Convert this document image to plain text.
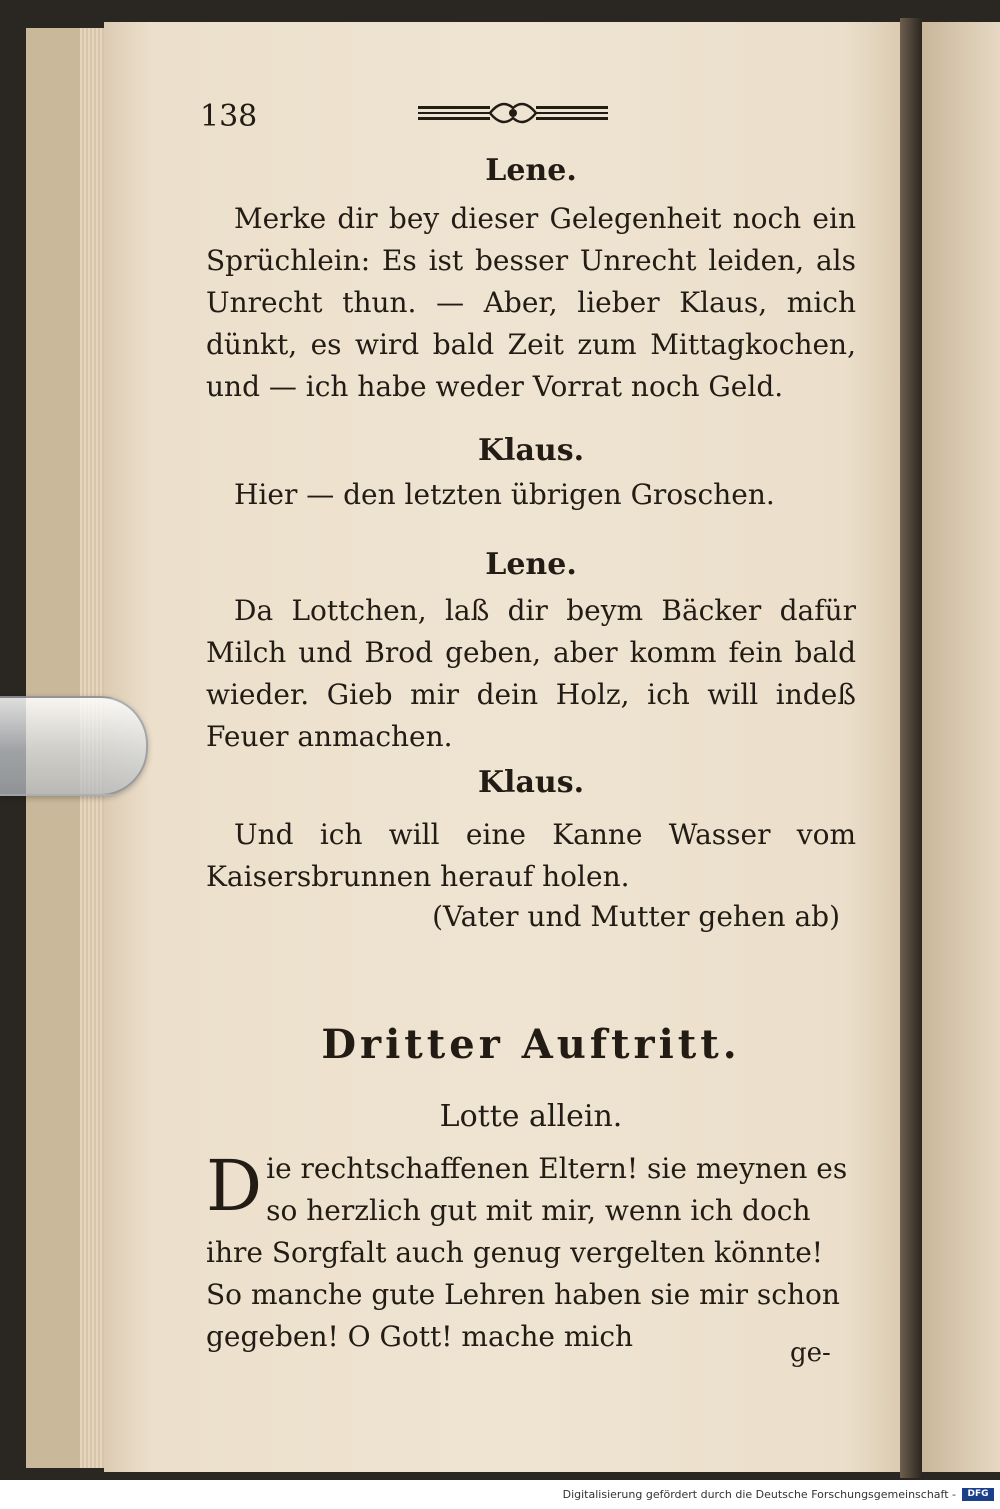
138
Lene.

Merke dir bey dieser Gelegenheit noch ein Sprüchlein: Es ist besser Unrecht leiden, als Unrecht thun. — Aber, lieber Klaus, mich dünkt, es wird bald Zeit zum Mittagkochen, und — ich habe weder Vorrat noch Geld.

Klaus.

Hier — den letzten übrigen Groschen.

Lene.

Da Lottchen, laß dir beym Bäcker dafür Milch und Brod geben, aber komm fein bald wieder. Gieb mir dein Holz, ich will indeß Feuer anmachen.

Klaus.

Und ich will eine Kanne Wasser vom Kaisersbrunnen herauf holen.

(Vater und Mutter gehen ab)
Dritter Auftritt.
Lotte allein.
D ie rechtschaffenen Eltern! sie meynen es so herzlich gut mit mir, wenn ich doch ihre Sorgfalt auch genug vergelten könnte! So manche gute Lehren haben sie mir schon gegeben! O Gott! mache mich	ge-
Digitalisierung gefördert durch die Deutsche Forschungsgemeinschaft -	DFG
